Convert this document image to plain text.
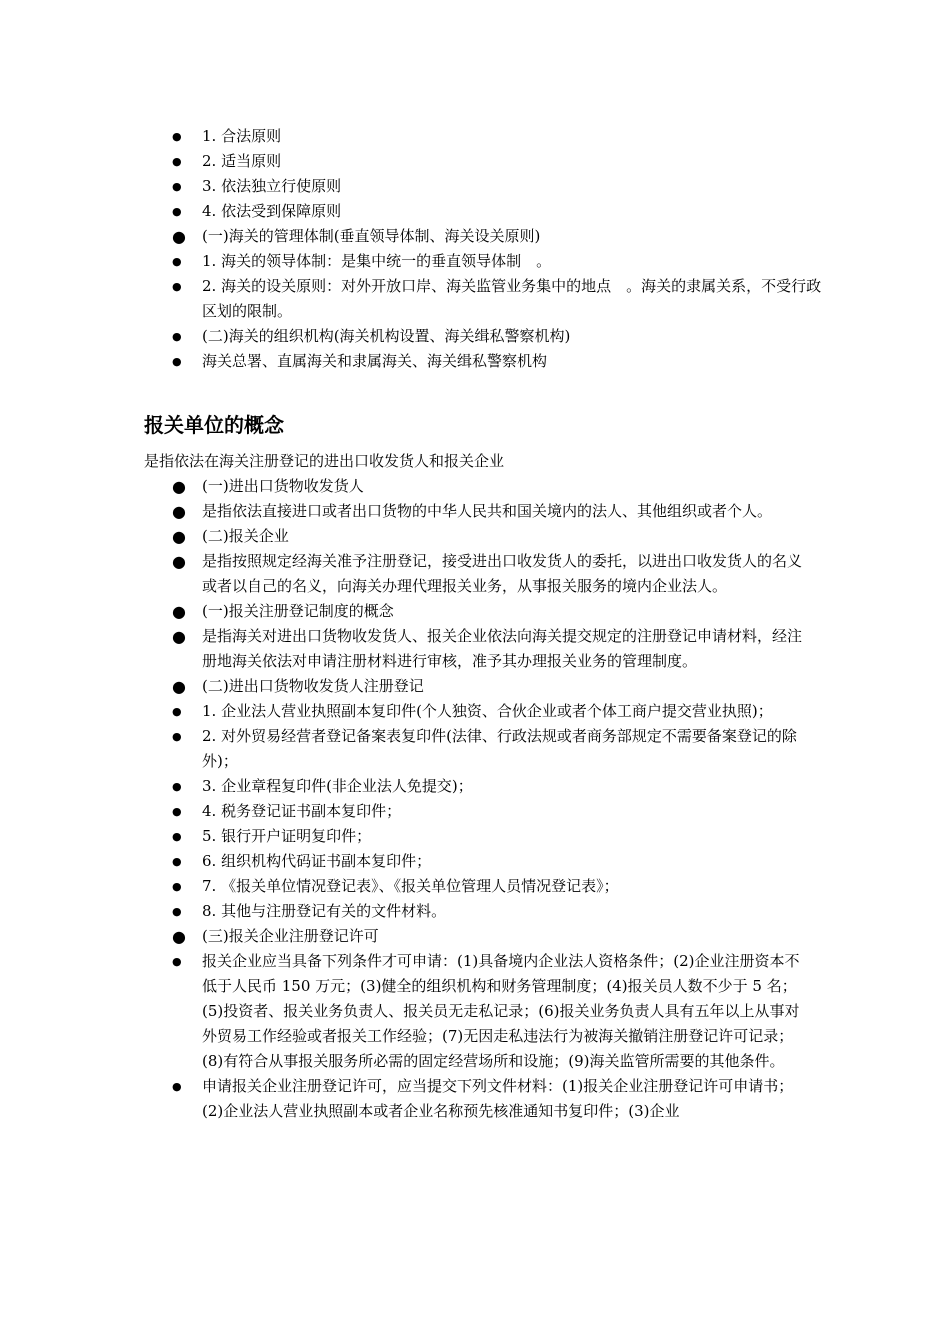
●	1. 合法原则
●	2. 适当原则
●	3. 依法独立行使原则
●	4. 依法受到保障原则
●	(一)海关的管理体制(垂直领导体制、海关设关原则)
●	1. 海关的领导体制：是集中统一的垂直领导体制　。
●	2. 海关的设关原则：对外开放口岸、海关监管业务集中的地点　。海关的隶属关系，不受行政区划的限制。
●	(二)海关的组织机构(海关机构设置、海关缉私警察机构)
●	海关总署、直属海关和隶属海关、海关缉私警察机构
报关单位的概念

是指依法在海关注册登记的进出口收发货人和报关企业

●	(一)进出口货物收发货人
●	是指依法直接进口或者出口货物的中华人民共和国关境内的法人、其他组织或者个人。
●	(二)报关企业
●	是指按照规定经海关准予注册登记，接受进出口收发货人的委托，以进出口收发货人的名义或者以自己的名义，向海关办理代理报关业务，从事报关服务的境内企业法人。
●	(一)报关注册登记制度的概念
●	是指海关对进出口货物收发货人、报关企业依法向海关提交规定的注册登记申请材料，经注册地海关依法对申请注册材料进行审核，准予其办理报关业务的管理制度。
●	(二)进出口货物收发货人注册登记
●	1. 企业法人营业执照副本复印件(个人独资、合伙企业或者个体工商户提交营业执照)；
●	2. 对外贸易经营者登记备案表复印件(法律、行政法规或者商务部规定不需要备案登记的除外)；
●	3. 企业章程复印件(非企业法人免提交)；
●	4. 税务登记证书副本复印件；
●	5. 银行开户证明复印件；
●	6. 组织机构代码证书副本复印件；
●	7. 《报关单位情况登记表》、《报关单位管理人员情况登记表》；
●	8. 其他与注册登记有关的文件材料。
●	(三)报关企业注册登记许可
●	报关企业应当具备下列条件才可申请：(1)具备境内企业法人资格条件；(2)企业注册资本不低于人民币 150 万元；(3)健全的组织机构和财务管理制度；(4)报关员人数不少于 5 名；(5)投资者、报关业务负责人、报关员无走私记录；(6)报关业务负责人具有五年以上从事对外贸易工作经验或者报关工作经验；(7)无因走私违法行为被海关撤销注册登记许可记录；(8)有符合从事报关服务所必需的固定经营场所和设施；(9)海关监管所需要的其他条件。
●	申请报关企业注册登记许可，应当提交下列文件材料：(1)报关企业注册登记许可申请书；(2)企业法人营业执照副本或者企业名称预先核准通知书复印件；(3)企业
